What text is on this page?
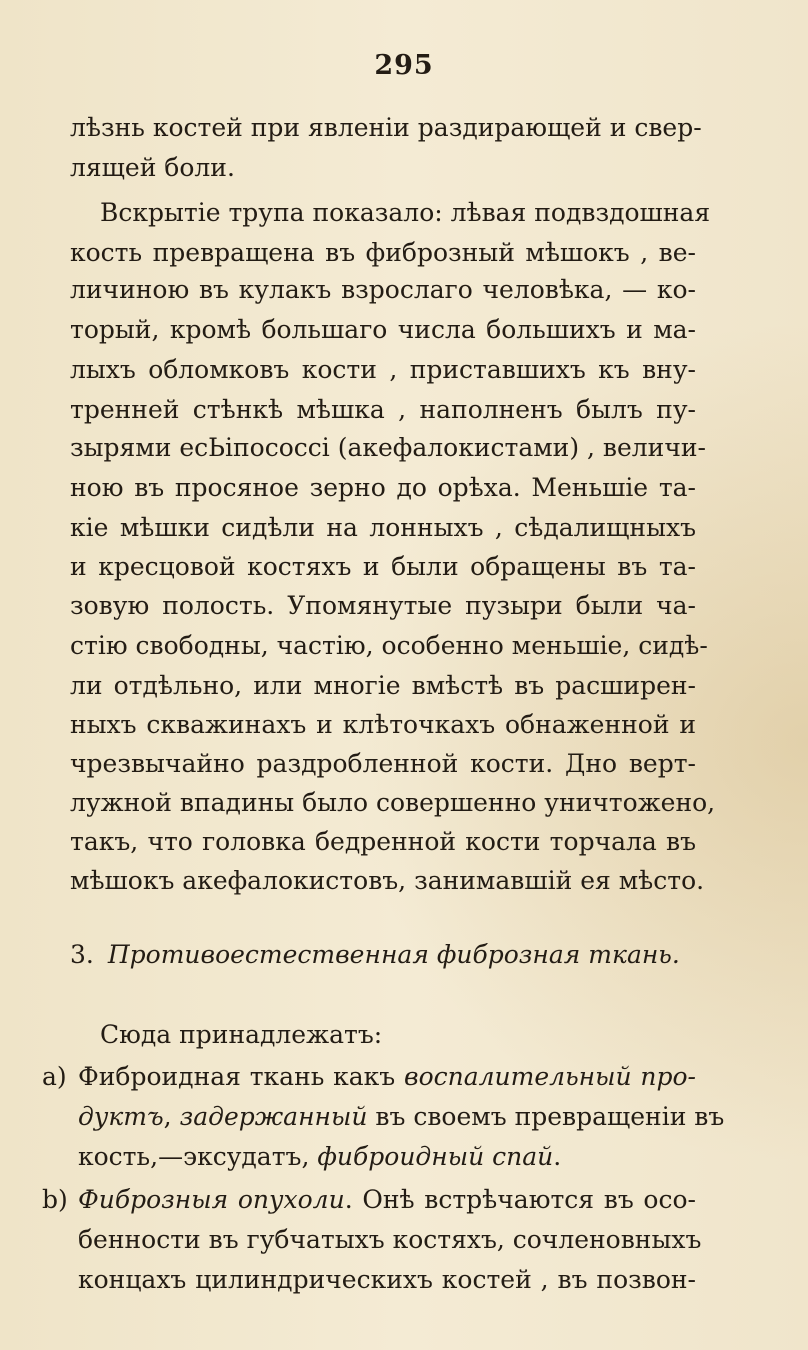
295
лѣзнь костей при явленіи раздирающей и свер-
лящей боли.
Вскрытіе трупа показало: лѣвая подвздошная
кость превращена въ фиброзный мѣшокъ , ве-
личиною въ кулакъ взрослаго человѣка, — ко-
торый, кромѣ большаго числа большихъ и ма-
лыхъ обломковъ кости , приставшихъ къ вну-
тренней стѣнкѣ мѣшка , наполненъ былъ пу-
зырями есЬіпососсі (акефалокистами) , величи-
ною въ просяное зерно до орѣха. Меньшіе та-
кіе мѣшки сидѣли на лонныхъ , сѣдалищныхъ
и кресцовой костяхъ и были обращены въ та-
зовую полость. Упомянутые пузыри были ча-
стію свободны, частію, особенно меньшіе, сидѣ-
ли отдѣльно, или многіе вмѣстѣ въ расширен-
ныхъ скважинахъ и клѣточкахъ обнаженной и
чрезвычайно раздробленной кости. Дно верт-
лужной впадины было совершенно уничтожено,
такъ, что головка бедренной кости торчала въ
мѣшокъ акефалокистовъ, занимавшій ея мѣсто.
3. Противоестественная фиброзная ткань.
Сюда принадлежатъ:
a) Фиброидная ткань какъ воспалительный про-
дуктъ, задержанный въ своемъ превращеніи въ
кость,—эксудатъ, фиброидный спай.
b) Фиброзныя опухоли. Онѣ встрѣчаются въ осо-
бенности въ губчатыхъ костяхъ, сочленовныхъ
концахъ цилиндрическихъ костей , въ позвон-
